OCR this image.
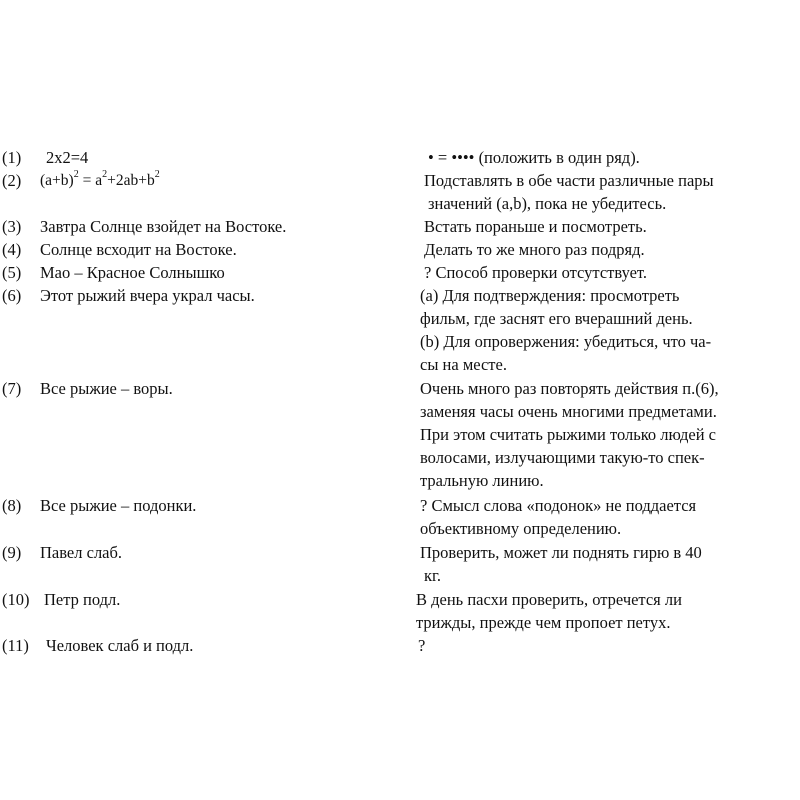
(1) 2x2=4	• = •••• (положить в один ряд).
(2) $(a+b)^2 = a^2+2ab+b^2$	Подставлять в обе части различные пары
значений (a,b), пока не убедитесь.
(3) Завтра Солнце взойдет на Востоке.	Встать пораньше и посмотреть.
(4) Солнце всходит на Востоке.	Делать то же много раз подряд.
(5) Мао – Красное Солнышко	? Способ проверки отсутствует.
(6) Этот рыжий вчера украл часы.	(a) Для подтверждения: просмотреть
фильм, где заснят его вчерашний день.
(b) Для опровержения: убедиться, что ча-
сы на месте.
(7) Все рыжие – воры.	Очень много раз повторять действия п.(6),
заменяя часы очень многими предметами.
При этом считать рыжими только людей с
волосами, излучающими такую-то спек-
тральную линию.
(8) Все рыжие – подонки.	? Смысл слова «подонок» не поддается
объективному определению.
(9) Павел слаб.	Проверить, может ли поднять гирю в 40
кг.
(10) Петр подл.	В день пасхи проверить, отречется ли
трижды, прежде чем пропоет петух.
(11) Человек слаб и подл.	?
